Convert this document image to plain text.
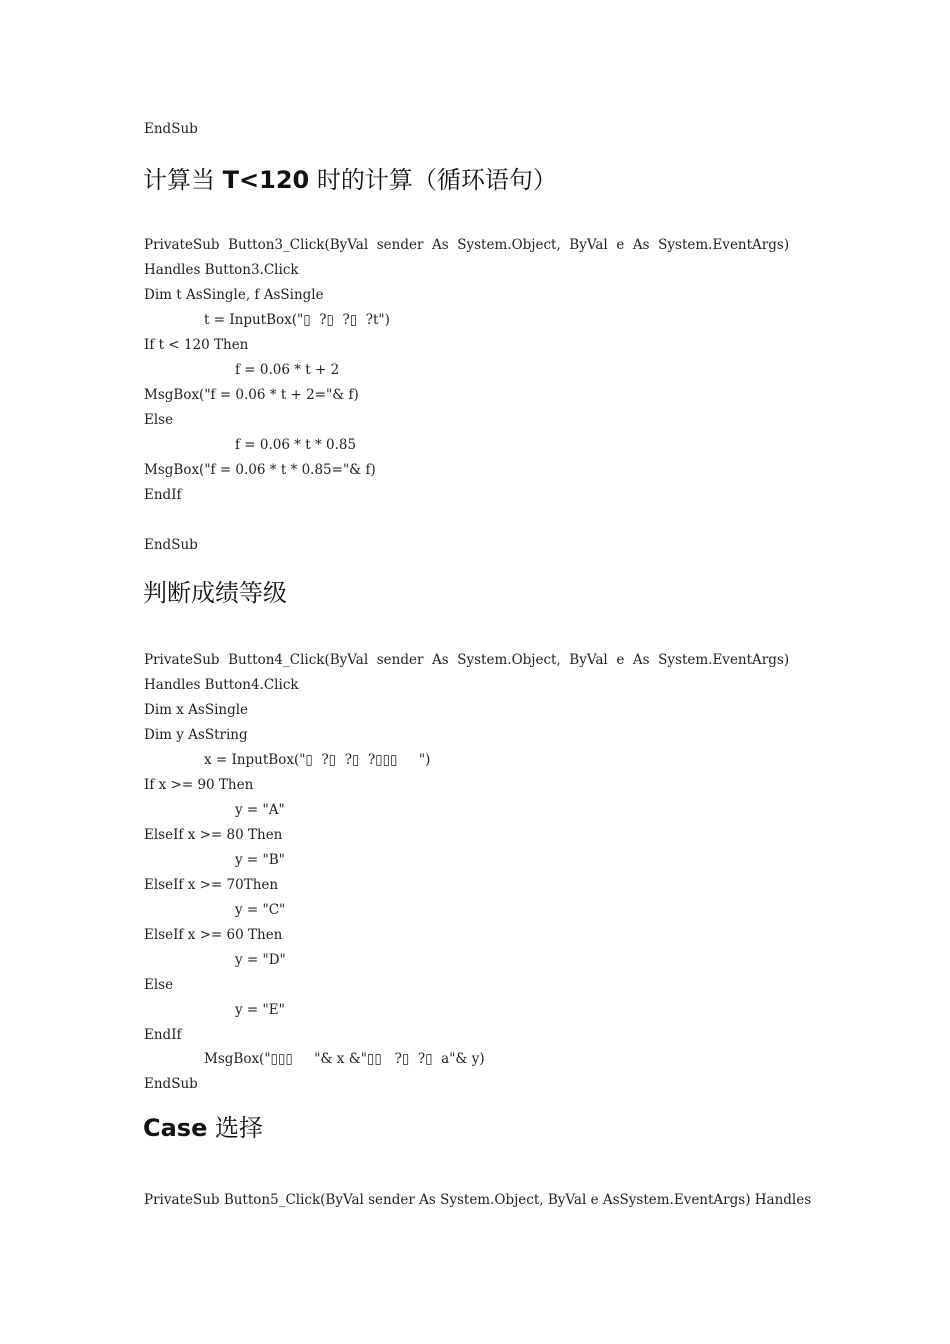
EndSub
计算当 T<120 时的计算（循环语句）
PrivateSub  Button3_Click(ByVal  sender  As  System.Object,  ByVal  e  As  System.EventArgs)
Handles Button3.Click
Dim t AsSingle, f AsSingle
t = InputBox("▯  ?▯  ?▯  ?t")
If t < 120 Then
f = 0.06 * t + 2
MsgBox("f = 0.06 * t + 2="& f)
Else
f = 0.06 * t * 0.85
MsgBox("f = 0.06 * t * 0.85="& f)
EndIf
EndSub
判断成绩等级
PrivateSub  Button4_Click(ByVal  sender  As  System.Object,  ByVal  e  As  System.EventArgs)
Handles Button4.Click
Dim x AsSingle
Dim y AsString
x = InputBox("▯  ?▯  ?▯  ?▯▯▯     ")
If x >= 90 Then
y = "A"
ElseIf x >= 80 Then
y = "B"
ElseIf x >= 70Then
y = "C"
ElseIf x >= 60 Then
y = "D"
Else
y = "E"
EndIf
MsgBox("▯▯▯     "& x &"▯▯   ?▯  ?▯  a"& y)
EndSub
Case 选择
PrivateSub Button5_Click(ByVal sender As System.Object, ByVal e AsSystem.EventArgs) Handles
